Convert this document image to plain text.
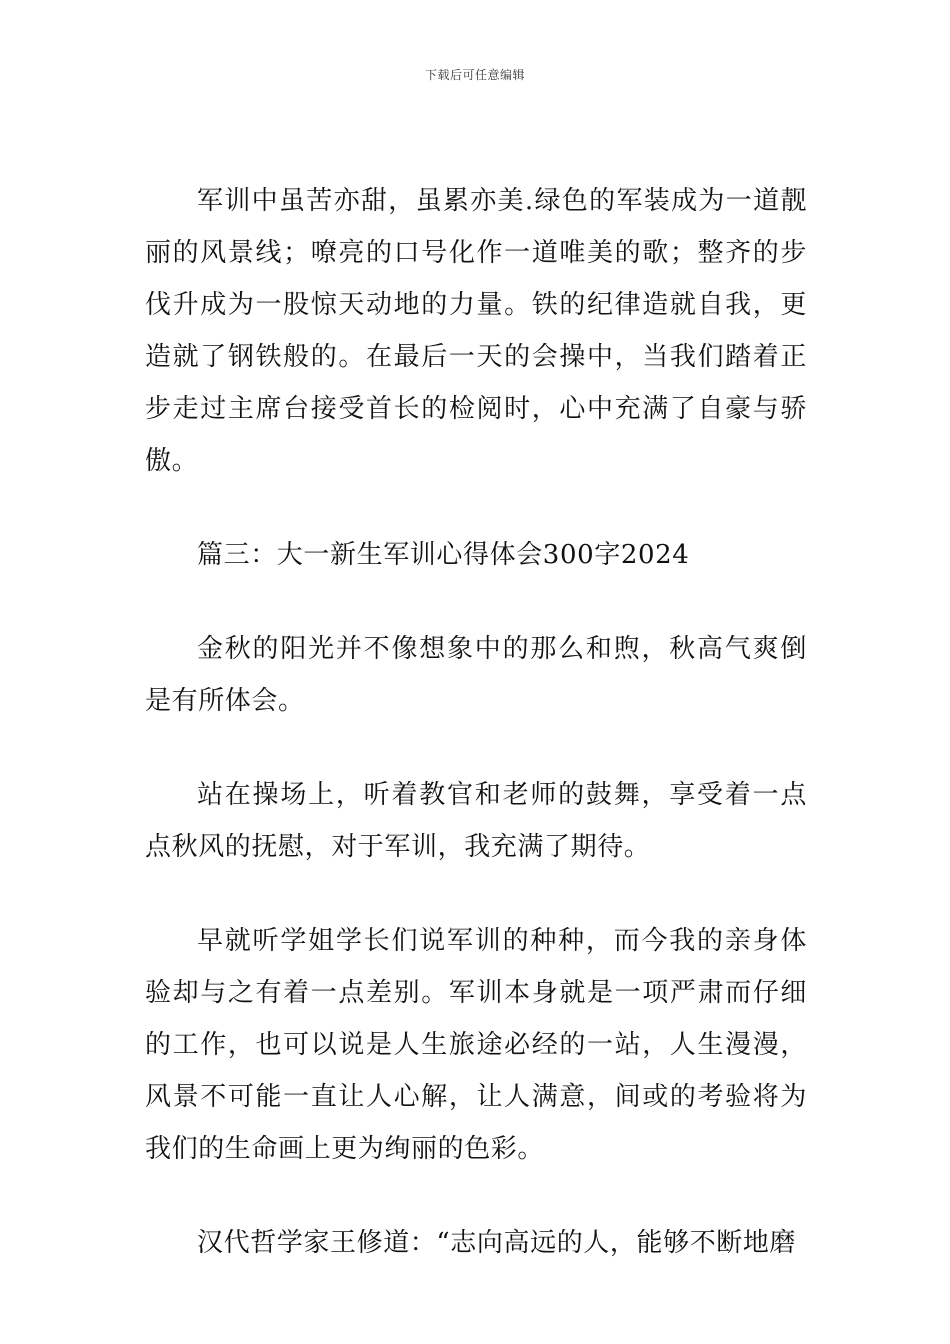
下载后可任意编辑

军训中虽苦亦甜，虽累亦美.绿色的军装成为一道靓丽的风景线；嘹亮的口号化作一道唯美的歌；整齐的步伐升成为一股惊天动地的力量。铁的纪律造就自我，更造就了钢铁般的。在最后一天的会操中，当我们踏着正步走过主席台接受首长的检阅时，心中充满了自豪与骄傲。

篇三：大一新生军训心得体会300字2024

金秋的阳光并不像想象中的那么和煦，秋高气爽倒是有所体会。

站在操场上，听着教官和老师的鼓舞，享受着一点点秋风的抚慰，对于军训，我充满了期待。

早就听学姐学长们说军训的种种，而今我的亲身体验却与之有着一点差别。军训本身就是一项严肃而仔细的工作，也可以说是人生旅途必经的一站，人生漫漫，风景不可能一直让人心解，让人满意，间或的考验将为我们的生命画上更为绚丽的色彩。

汉代哲学家王修道：“志向高远的人，能够不断地磨
